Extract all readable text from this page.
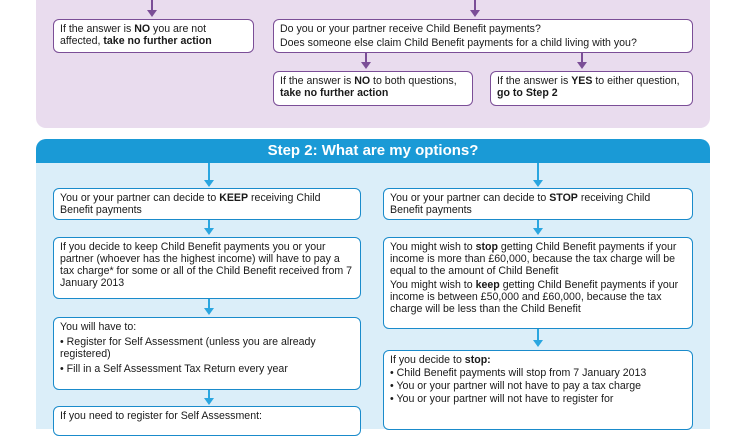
If the answer is NO you are not affected, take no further action

Do you or your partner receive Child Benefit payments?

Does someone else claim Child Benefit payments for a child living with you?

If the answer is NO to both questions, take no further action
If the answer is YES to either question, go to Step 2
Step 2: What are my options?
You or your partner can decide to KEEP receiving Child Benefit payments

If you decide to keep Child Benefit payments you or your partner (whoever has the highest income) will have to pay a tax charge* for some or all of the Child Benefit received from 7 January 2013

You will have to:

• Register for Self Assessment (unless you are already registered)
• Fill in a Self Assessment Tax Return every year

If you need to register for Self Assessment:

You or your partner can decide to STOP receiving Child Benefit payments

You might wish to stop getting Child Benefit payments if your income is more than £60,000, because the tax charge will be equal to the amount of Child Benefit

You might wish to keep getting Child Benefit payments if your income is between £50,000 and £60,000, because the tax charge will be less than the Child Benefit

If you decide to stop:

• Child Benefit payments will stop from 7 January 2013
• You or your partner will not have to pay a tax charge
• You or your partner will not have to register for
